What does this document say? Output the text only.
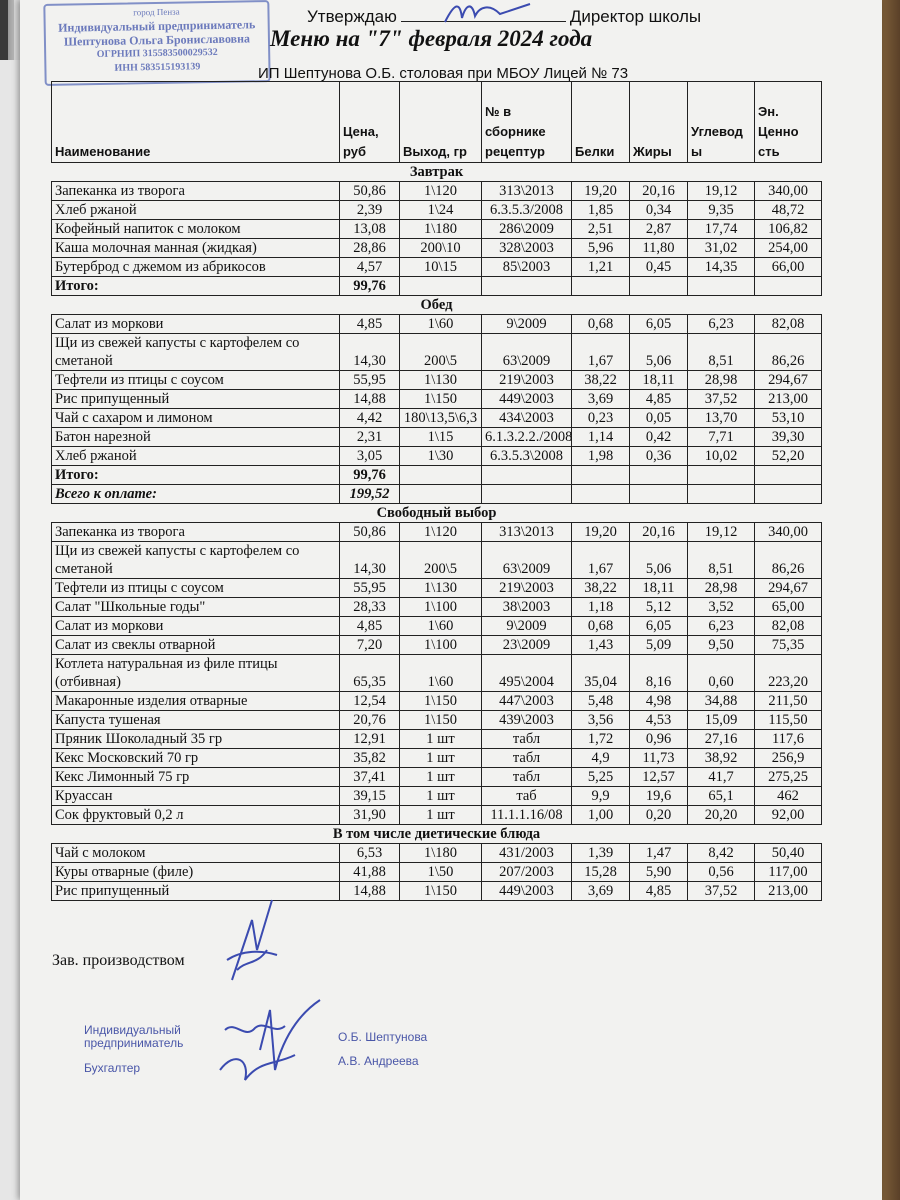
город Пенза
Индивидуальный предприниматель
Шептунова Ольга Брониславовна
ОГРНИП 315583500029532
ИНН 583515193139
Утверждаю	Директор школы
Меню на "7" февраля 2024 года
ИП Шептунова О.Б. столовая при МБОУ Лицей № 73
Наименование	Цена, руб	Выход, гр	№ в сборнике рецептур	Белки	Жиры	Углевод ы	Эн. Ценно сть
Завтрак							
Запеканка из творога	50,86	1\120	313\2013	19,20	20,16	19,12	340,00
Хлеб ржаной	2,39	1\24	6.3.5.3/2008	1,85	0,34	9,35	48,72
Кофейный напиток с молоком	13,08	1\180	286\2009	2,51	2,87	17,74	106,82
Каша молочная манная (жидкая)	28,86	200\10	328\2003	5,96	11,80	31,02	254,00
Бутерброд с джемом из абрикосов	4,57	10\15	85\2003	1,21	0,45	14,35	66,00
Итого:	99,76						
Обед							
Салат из моркови	4,85	1\60	9\2009	0,68	6,05	6,23	82,08
Щи из свежей капусты с картофелем со сметаной	14,30	200\5	63\2009	1,67	5,06	8,51	86,26
Тефтели из птицы с соусом	55,95	1\130	219\2003	38,22	18,11	28,98	294,67
Рис припущенный	14,88	1\150	449\2003	3,69	4,85	37,52	213,00
Чай с сахаром и лимоном	4,42	180\13,5\6,3	434\2003	0,23	0,05	13,70	53,10
Батон нарезной	2,31	1\15	6.1.3.2.2./2008	1,14	0,42	7,71	39,30
Хлеб ржаной	3,05	1\30	6.3.5.3\2008	1,98	0,36	10,02	52,20
Итого:	99,76						
Всего к оплате:	199,52						
Свободный выбор							
Запеканка из творога	50,86	1\120	313\2013	19,20	20,16	19,12	340,00
Щи из свежей капусты с картофелем со сметаной	14,30	200\5	63\2009	1,67	5,06	8,51	86,26
Тефтели из птицы с соусом	55,95	1\130	219\2003	38,22	18,11	28,98	294,67
Салат "Школьные годы"	28,33	1\100	38\2003	1,18	5,12	3,52	65,00
Салат из моркови	4,85	1\60	9\2009	0,68	6,05	6,23	82,08
Салат из свеклы отварной	7,20	1\100	23\2009	1,43	5,09	9,50	75,35
Котлета натуральная из филе птицы (отбивная)	65,35	1\60	495\2004	35,04	8,16	0,60	223,20
Макаронные изделия отварные	12,54	1\150	447\2003	5,48	4,98	34,88	211,50
Капуста тушеная	20,76	1\150	439\2003	3,56	4,53	15,09	115,50
Пряник Шоколадный 35 гр	12,91	1 шт	табл	1,72	0,96	27,16	117,6
Кекс Московский 70 гр	35,82	1 шт	табл	4,9	11,73	38,92	256,9
Кекс Лимонный 75 гр	37,41	1 шт	табл	5,25	12,57	41,7	275,25
Круассан	39,15	1 шт	таб	9,9	19,6	65,1	462
Сок фруктовый 0,2 л	31,90	1 шт	11.1.1.16/08	1,00	0,20	20,20	92,00
В том числе диетические блюда							
Чай с молоком	6,53	1\180	431/2003	1,39	1,47	8,42	50,40
Куры отварные (филе)	41,88	1\50	207/2003	15,28	5,90	0,56	117,00
Рис припущенный	14,88	1\150	449\2003	3,69	4,85	37,52	213,00
Зав. производством
Индивидуальный предприниматель	О.Б. Шептунова
Бухгалтер	А.В. Андреева
